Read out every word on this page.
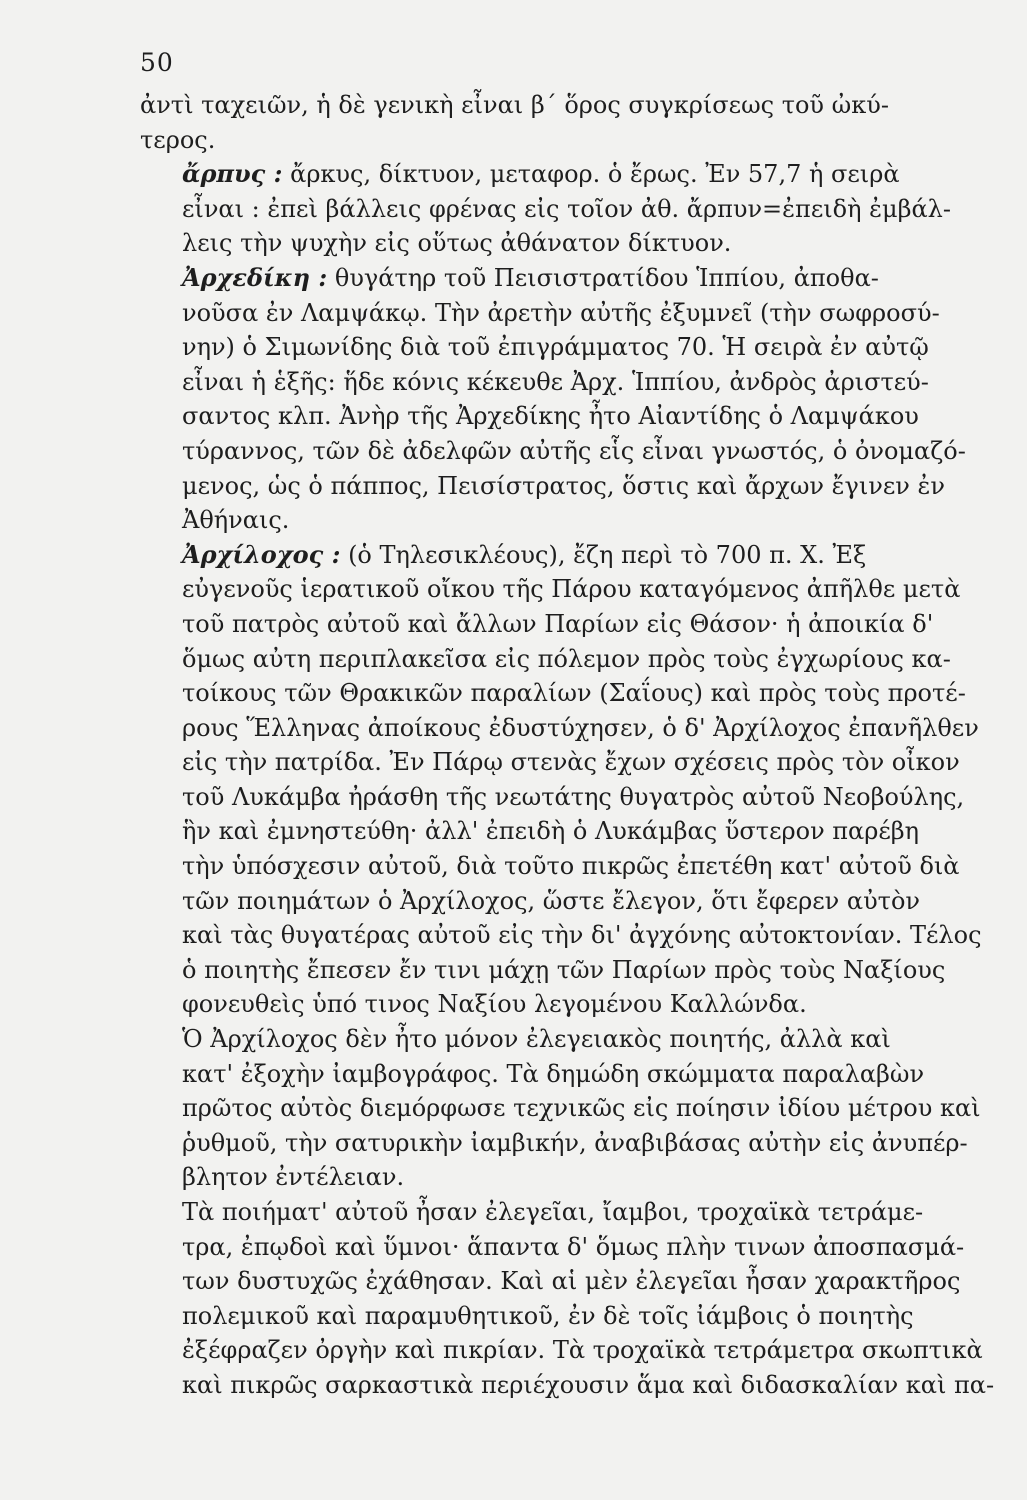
50

ἀντὶ ταχειῶν, ἡ δὲ γενικὴ εἶναι β΄ ὅρος συγκρίσεως τοῦ ὠκύ-
τερος.

ἄρπυς : ἄρκυς, δίκτυον, μεταφορ. ὁ ἔρως. Ἐν 57,7 ἡ σειρὰ
εἶναι : ἐπεὶ βάλλεις φρένας εἰς τοῖον ἀθ. ἄρπυν=ἐπειδὴ ἐμβάλ-
λεις τὴν ψυχὴν εἰς οὕτως ἀθάνατον δίκτυον.

Ἀρχεδίκη : θυγάτηρ τοῦ Πεισιστρατίδου Ἱππίου, ἀποθα-
νοῦσα ἐν Λαμψάκῳ. Τὴν ἀρετὴν αὐτῆς ἐξυμνεῖ (τὴν σωφροσύ-
νην) ὁ Σιμωνίδης διὰ τοῦ ἐπιγράμματος 70. Ἡ σειρὰ ἐν αὐτῷ
εἶναι ἡ ἑξῆς: ἥδε κόνις κέκευθε Ἀρχ. Ἱππίου, ἀνδρὸς ἀριστεύ-
σαντος κλπ. Ἀνὴρ τῆς Ἀρχεδίκης ἦτο Αἰαντίδης ὁ Λαμψάκου
τύραννος, τῶν δὲ ἀδελφῶν αὐτῆς εἷς εἶναι γνωστός, ὁ ὀνομαζό-
μενος, ὡς ὁ πάππος, Πεισίστρατος, ὅστις καὶ ἄρχων ἔγινεν ἐν
Ἀθήναις.

Ἀρχίλοχος : (ὁ Τηλεσικλέους), ἔζη περὶ τὸ 700 π. Χ. Ἐξ
εὐγενοῦς ἱερατικοῦ οἴκου τῆς Πάρου καταγόμενος ἀπῆλθε μετὰ
τοῦ πατρὸς αὐτοῦ καὶ ἄλλων Παρίων εἰς Θάσον· ἡ ἀποικία δ'
ὅμως αὐτη περιπλακεῖσα εἰς πόλεμον πρὸς τοὺς ἐγχωρίους κα-
τοίκους τῶν Θρακικῶν παραλίων (Σαΐους) καὶ πρὸς τοὺς προτέ-
ρους Ἕλληνας ἀποίκους ἐδυστύχησεν, ὁ δ' Ἀρχίλοχος ἐπανῆλθεν
εἰς τὴν πατρίδα. Ἐν Πάρῳ στενὰς ἔχων σχέσεις πρὸς τὸν οἶκον
τοῦ Λυκάμβα ἠράσθη τῆς νεωτάτης θυγατρὸς αὐτοῦ Νεοβούλης,
ἣν καὶ ἐμνηστεύθη· ἀλλ' ἐπειδὴ ὁ Λυκάμβας ὕστερον παρέβη
τὴν ὑπόσχεσιν αὐτοῦ, διὰ τοῦτο πικρῶς ἐπετέθη κατ' αὐτοῦ διὰ
τῶν ποιημάτων ὁ Ἀρχίλοχος, ὥστε ἔλεγον, ὅτι ἔφερεν αὐτὸν
καὶ τὰς θυγατέρας αὐτοῦ εἰς τὴν δι' ἀγχόνης αὐτοκτονίαν. Τέλος
ὁ ποιητὴς ἔπεσεν ἔν τινι μάχῃ τῶν Παρίων πρὸς τοὺς Ναξίους
φονευθεὶς ὑπό τινος Ναξίου λεγομένου Καλλώνδα.

Ὁ Ἀρχίλοχος δὲν ἦτο μόνον ἐλεγειακὸς ποιητής, ἀλλὰ καὶ
κατ' ἐξοχὴν ἰαμβογράφος. Τὰ δημώδη σκώμματα παραλαβὼν
πρῶτος αὐτὸς διεμόρφωσε τεχνικῶς εἰς ποίησιν ἰδίου μέτρου καὶ
ῥυθμοῦ, τὴν σατυρικὴν ἰαμβικήν, ἀναβιβάσας αὐτὴν εἰς ἀνυπέρ-
βλητον ἐντέλειαν.

Τὰ ποιήματ' αὐτοῦ ἦσαν ἐλεγεῖαι, ἴαμβοι, τροχαϊκὰ τετράμε-
τρα, ἐπῳδοὶ καὶ ὕμνοι· ἅπαντα δ' ὅμως πλὴν τινων ἀποσπασμά-
των δυστυχῶς ἐχάθησαν. Καὶ αἱ μὲν ἐλεγεῖαι ἦσαν χαρακτῆρος
πολεμικοῦ καὶ παραμυθητικοῦ, ἐν δὲ τοῖς ἰάμβοις ὁ ποιητὴς
ἐξέφραζεν ὀργὴν καὶ πικρίαν. Τὰ τροχαϊκὰ τετράμετρα σκωπτικὰ
καὶ πικρῶς σαρκαστικὰ περιέχουσιν ἅμα καὶ διδασκαλίαν καὶ πα-
